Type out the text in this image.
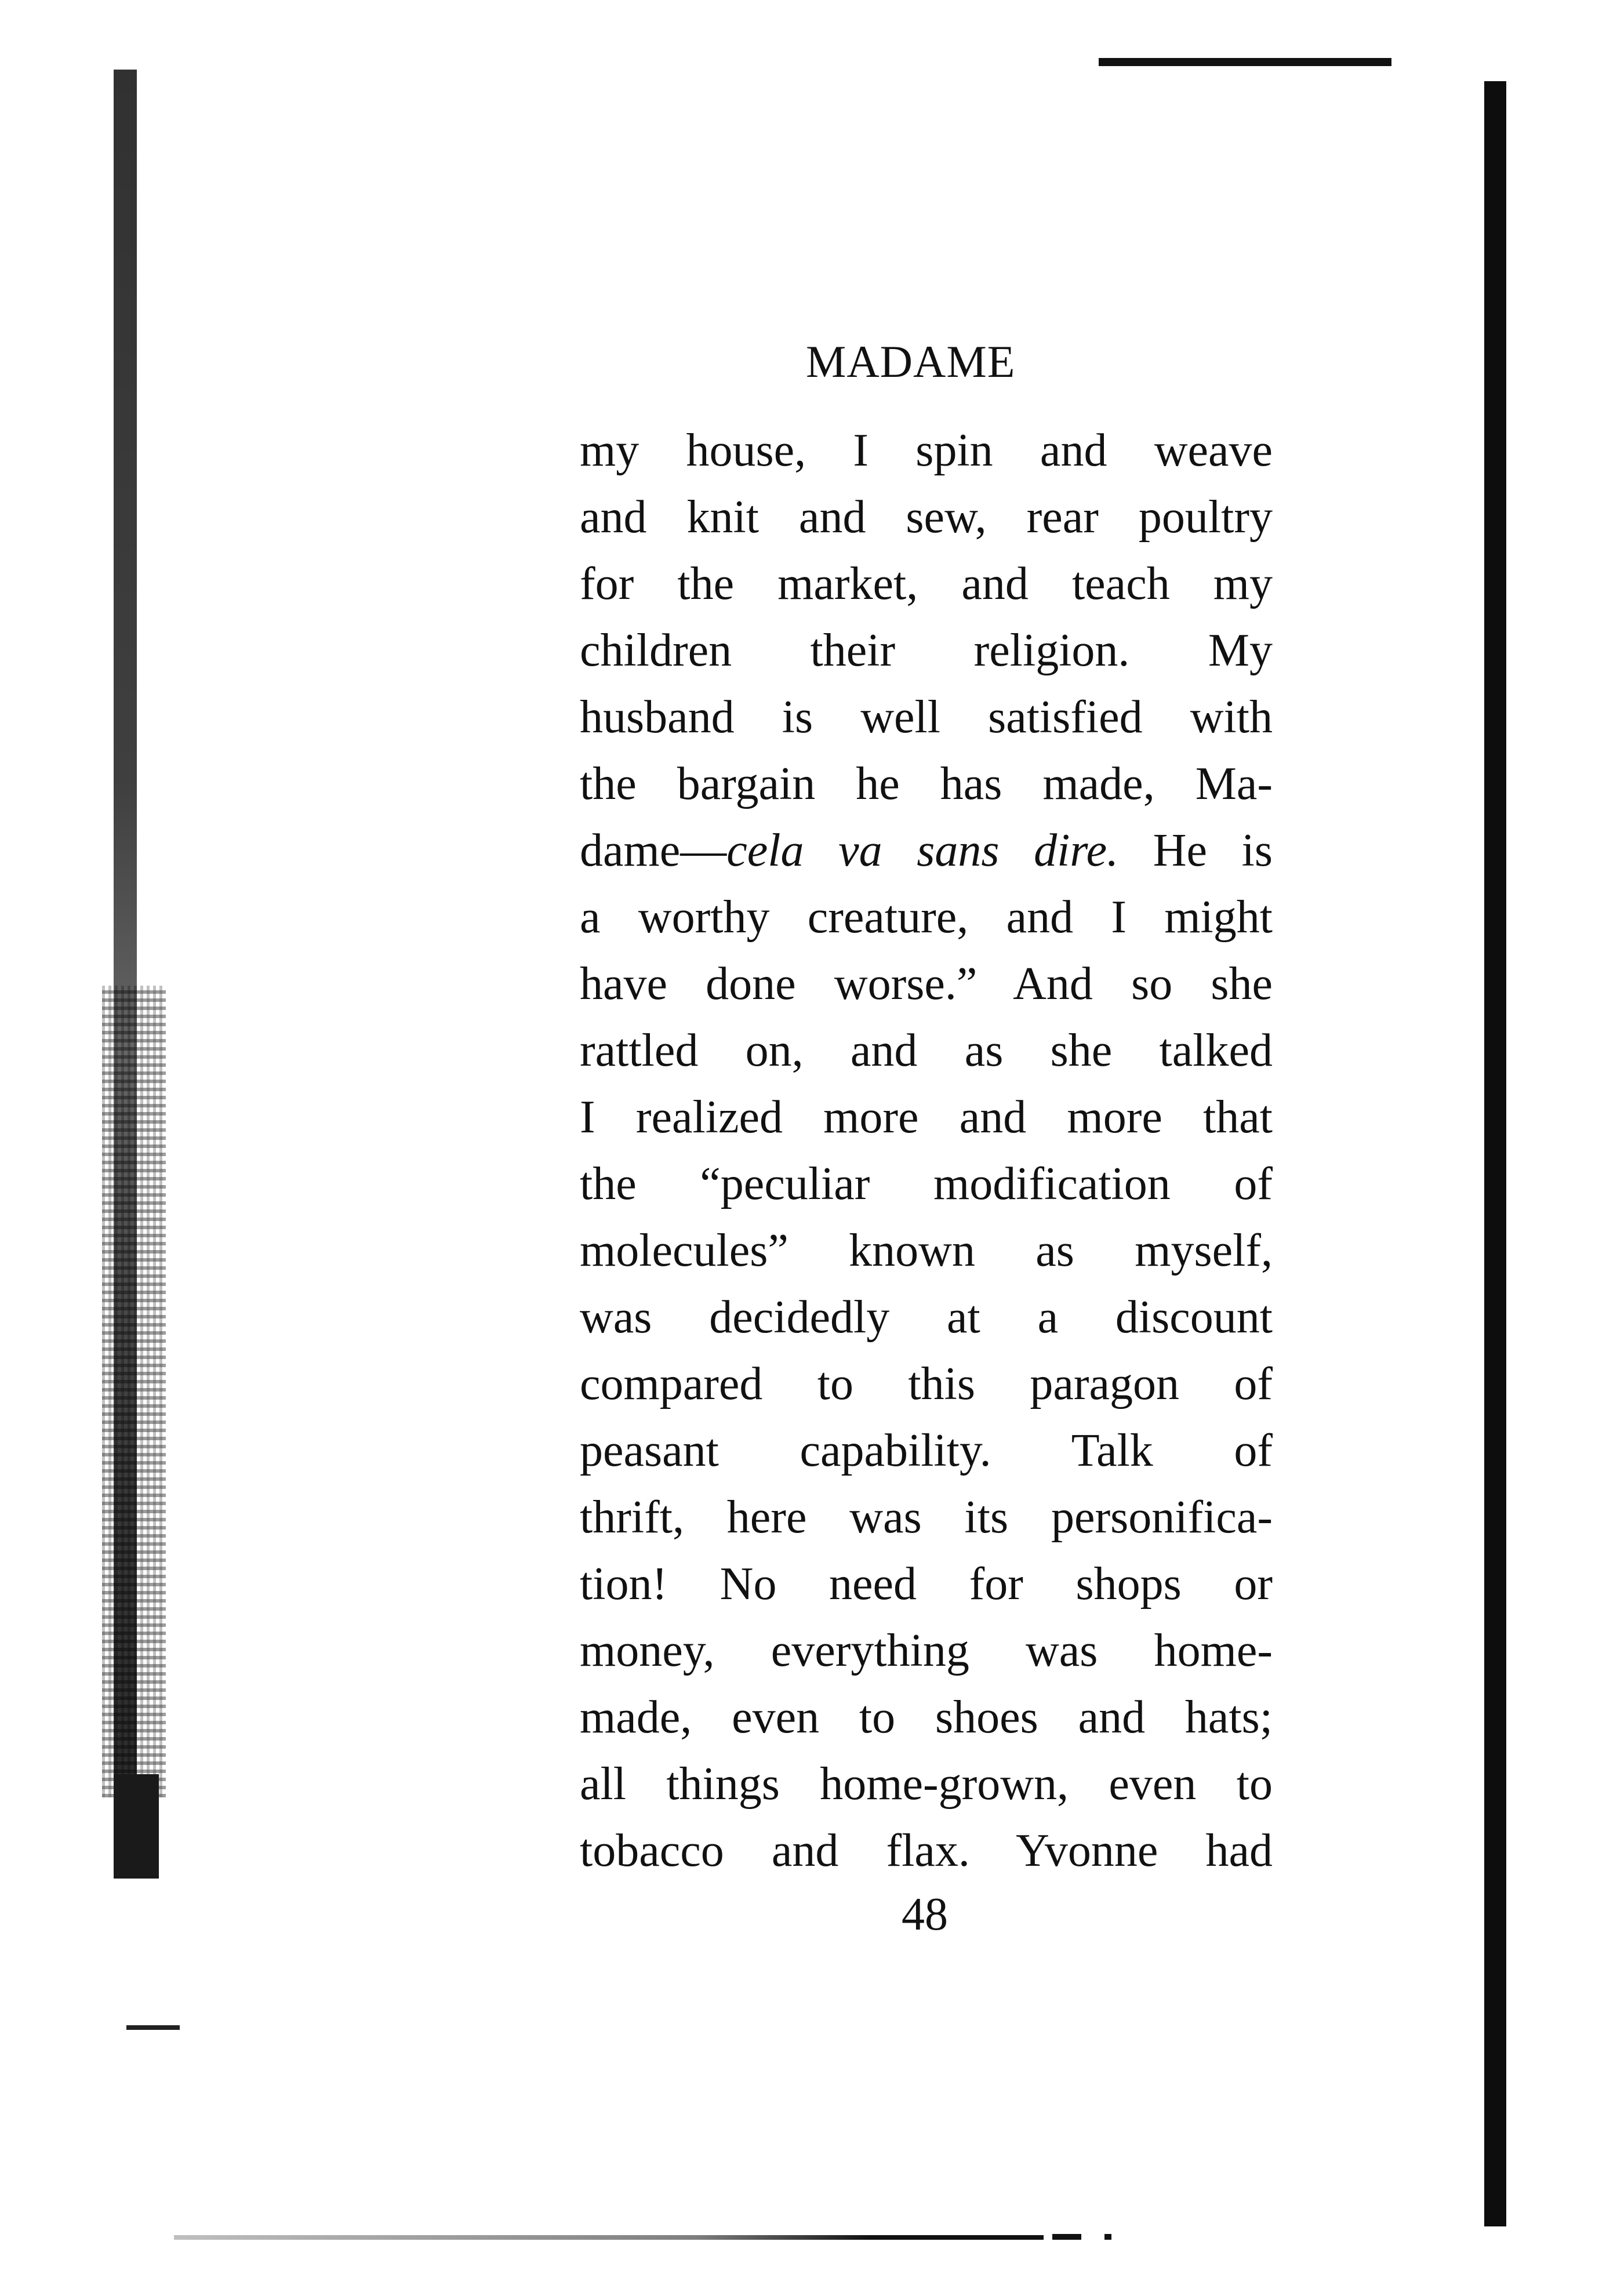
MADAME
my house, I spin and weave
and knit and sew, rear poultry
for the market, and teach my
children their religion. My
husband is well satisfied with
the bargain he has made, Ma-
dame—cela va sans dire. He is
a worthy creature, and I might
have done worse.” And so she
rattled on, and as she talked
I realized more and more that
the “peculiar modification of
molecules” known as myself,
was decidedly at a discount
compared to this paragon of
peasant capability. Talk of
thrift, here was its personifica-
tion! No need for shops or
money, everything was home-
made, even to shoes and hats;
all things home-grown, even to
tobacco and flax. Yvonne had
48
